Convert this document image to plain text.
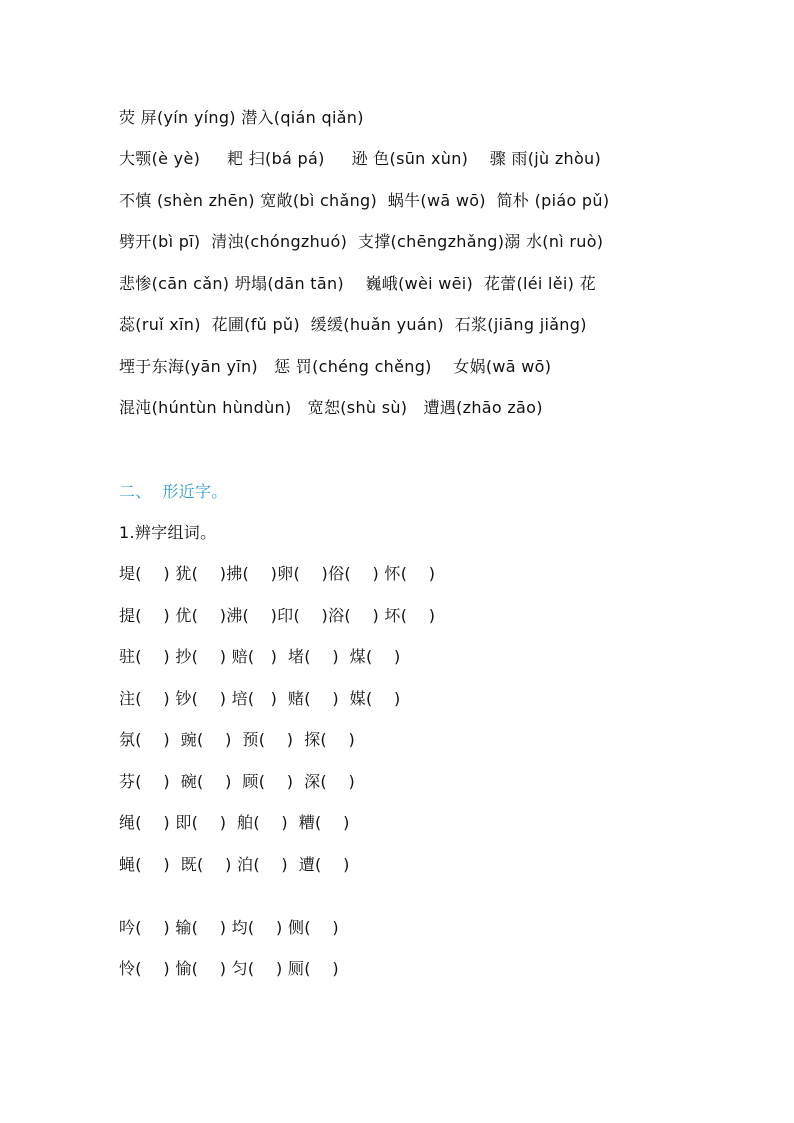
荧 屏(yín yíng) 潜入(qián qiǎn)
大颚(è yè)     耙 扫(bá pá)     逊 色(sūn xùn)    骤 雨(jù zhòu)
不慎 (shèn zhēn) 宽敞(bì chǎng)  蜗牛(wā wō)  简朴 (piáo pǔ)
劈开(bì pī)  清浊(chóngzhuó)  支撑(chēngzhǎng)溺 水(nì ruò)
悲惨(cān cǎn) 坍塌(dān tān)    巍峨(wèi wēi)  花蕾(léi lěi) 花
蕊(ruǐ xīn)  花圃(fǔ pǔ)  缓缓(huǎn yuán)  石浆(jiāng jiǎng)
堙于东海(yān yīn)   惩 罚(chéng chěng)    女娲(wā wō)
混沌(húntùn hùndùn)   宽恕(shù sù)   遭遇(zhāo zāo)
二、  形近字。
1.辨字组词。
堤(    ) 犹(    )拂(    )卵(    )俗(    ) 怀(    )
提(    ) 优(    )沸(    )印(    )浴(    ) 坏(    )
驻(    ) 抄(    ) 赔(   )  堵(    )  煤(    )
注(    ) 钞(    ) 培(   )  赌(    )  媒(    )
氛(    )  豌(    )  预(    )  探(    )
芬(    )  碗(    )  顾(    )  深(    )
绳(    ) 即(    )  舶(    )  糟(    )
蝇(    )  既(    ) 泊(    )  遭(    )
吟(    ) 输(    ) 均(    ) 侧(    )
怜(    ) 愉(    ) 匀(    ) 厕(    )
